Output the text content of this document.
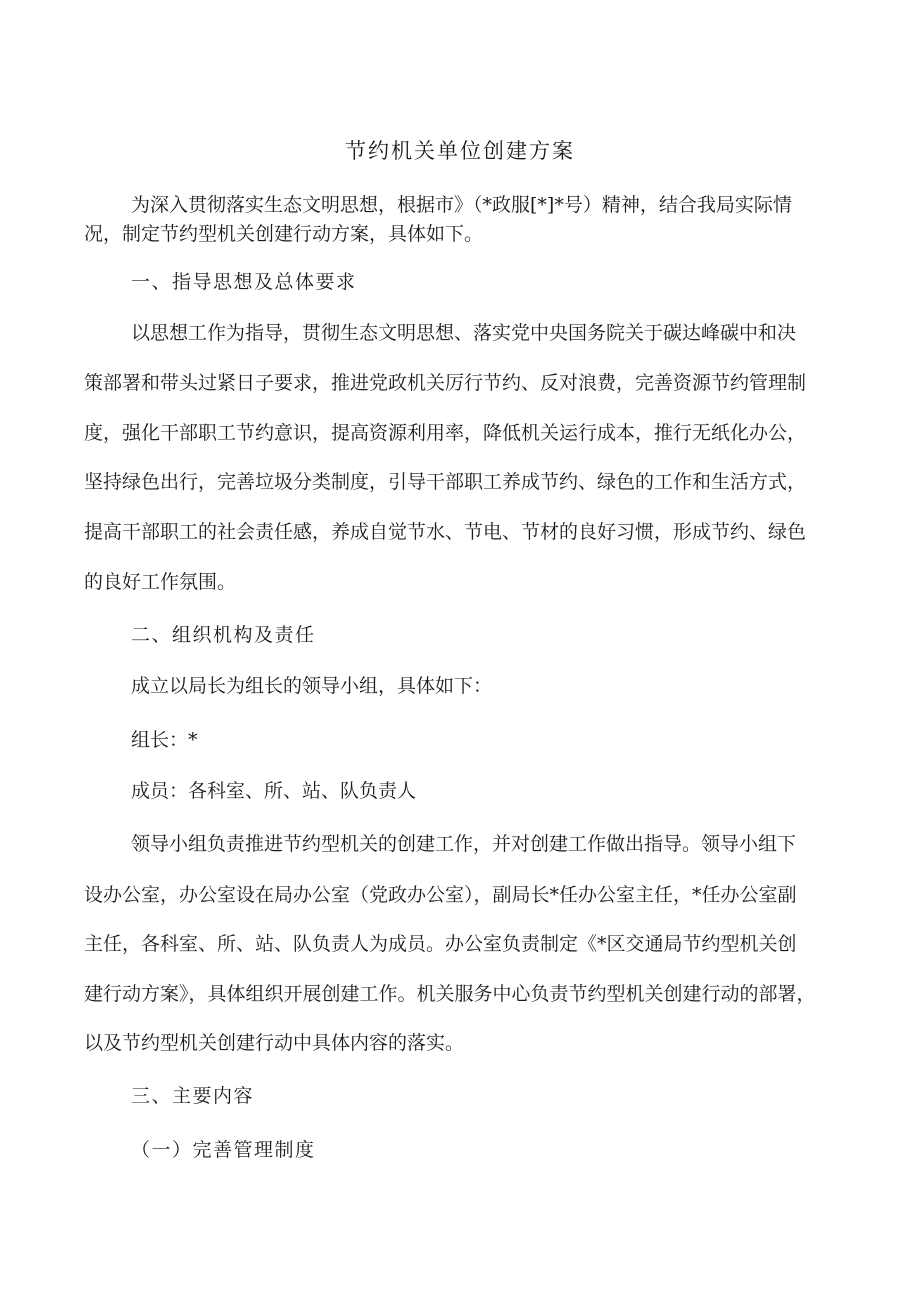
节约机关单位创建方案
为深入贯彻落实生态文明思想，根据市》（*政服[*]*号）精神，结合我局实际情
况，制定节约型机关创建行动方案，具体如下。
一、指导思想及总体要求
以思想工作为指导，贯彻生态文明思想、落实党中央国务院关于碳达峰碳中和决
策部署和带头过紧日子要求，推进党政机关厉行节约、反对浪费，完善资源节约管理制
度，强化干部职工节约意识，提高资源利用率，降低机关运行成本，推行无纸化办公，
坚持绿色出行，完善垃圾分类制度，引导干部职工养成节约、绿色的工作和生活方式，
提高干部职工的社会责任感，养成自觉节水、节电、节材的良好习惯，形成节约、绿色
的良好工作氛围。
二、组织机构及责任
成立以局长为组长的领导小组，具体如下：
组长：*
成员：各科室、所、站、队负责人
领导小组负责推进节约型机关的创建工作，并对创建工作做出指导。领导小组下
设办公室，办公室设在局办公室（党政办公室），副局长*任办公室主任，*任办公室副
主任，各科室、所、站、队负责人为成员。办公室负责制定《*区交通局节约型机关创
建行动方案》，具体组织开展创建工作。机关服务中心负责节约型机关创建行动的部署，
以及节约型机关创建行动中具体内容的落实。
三、主要内容
（一）完善管理制度
